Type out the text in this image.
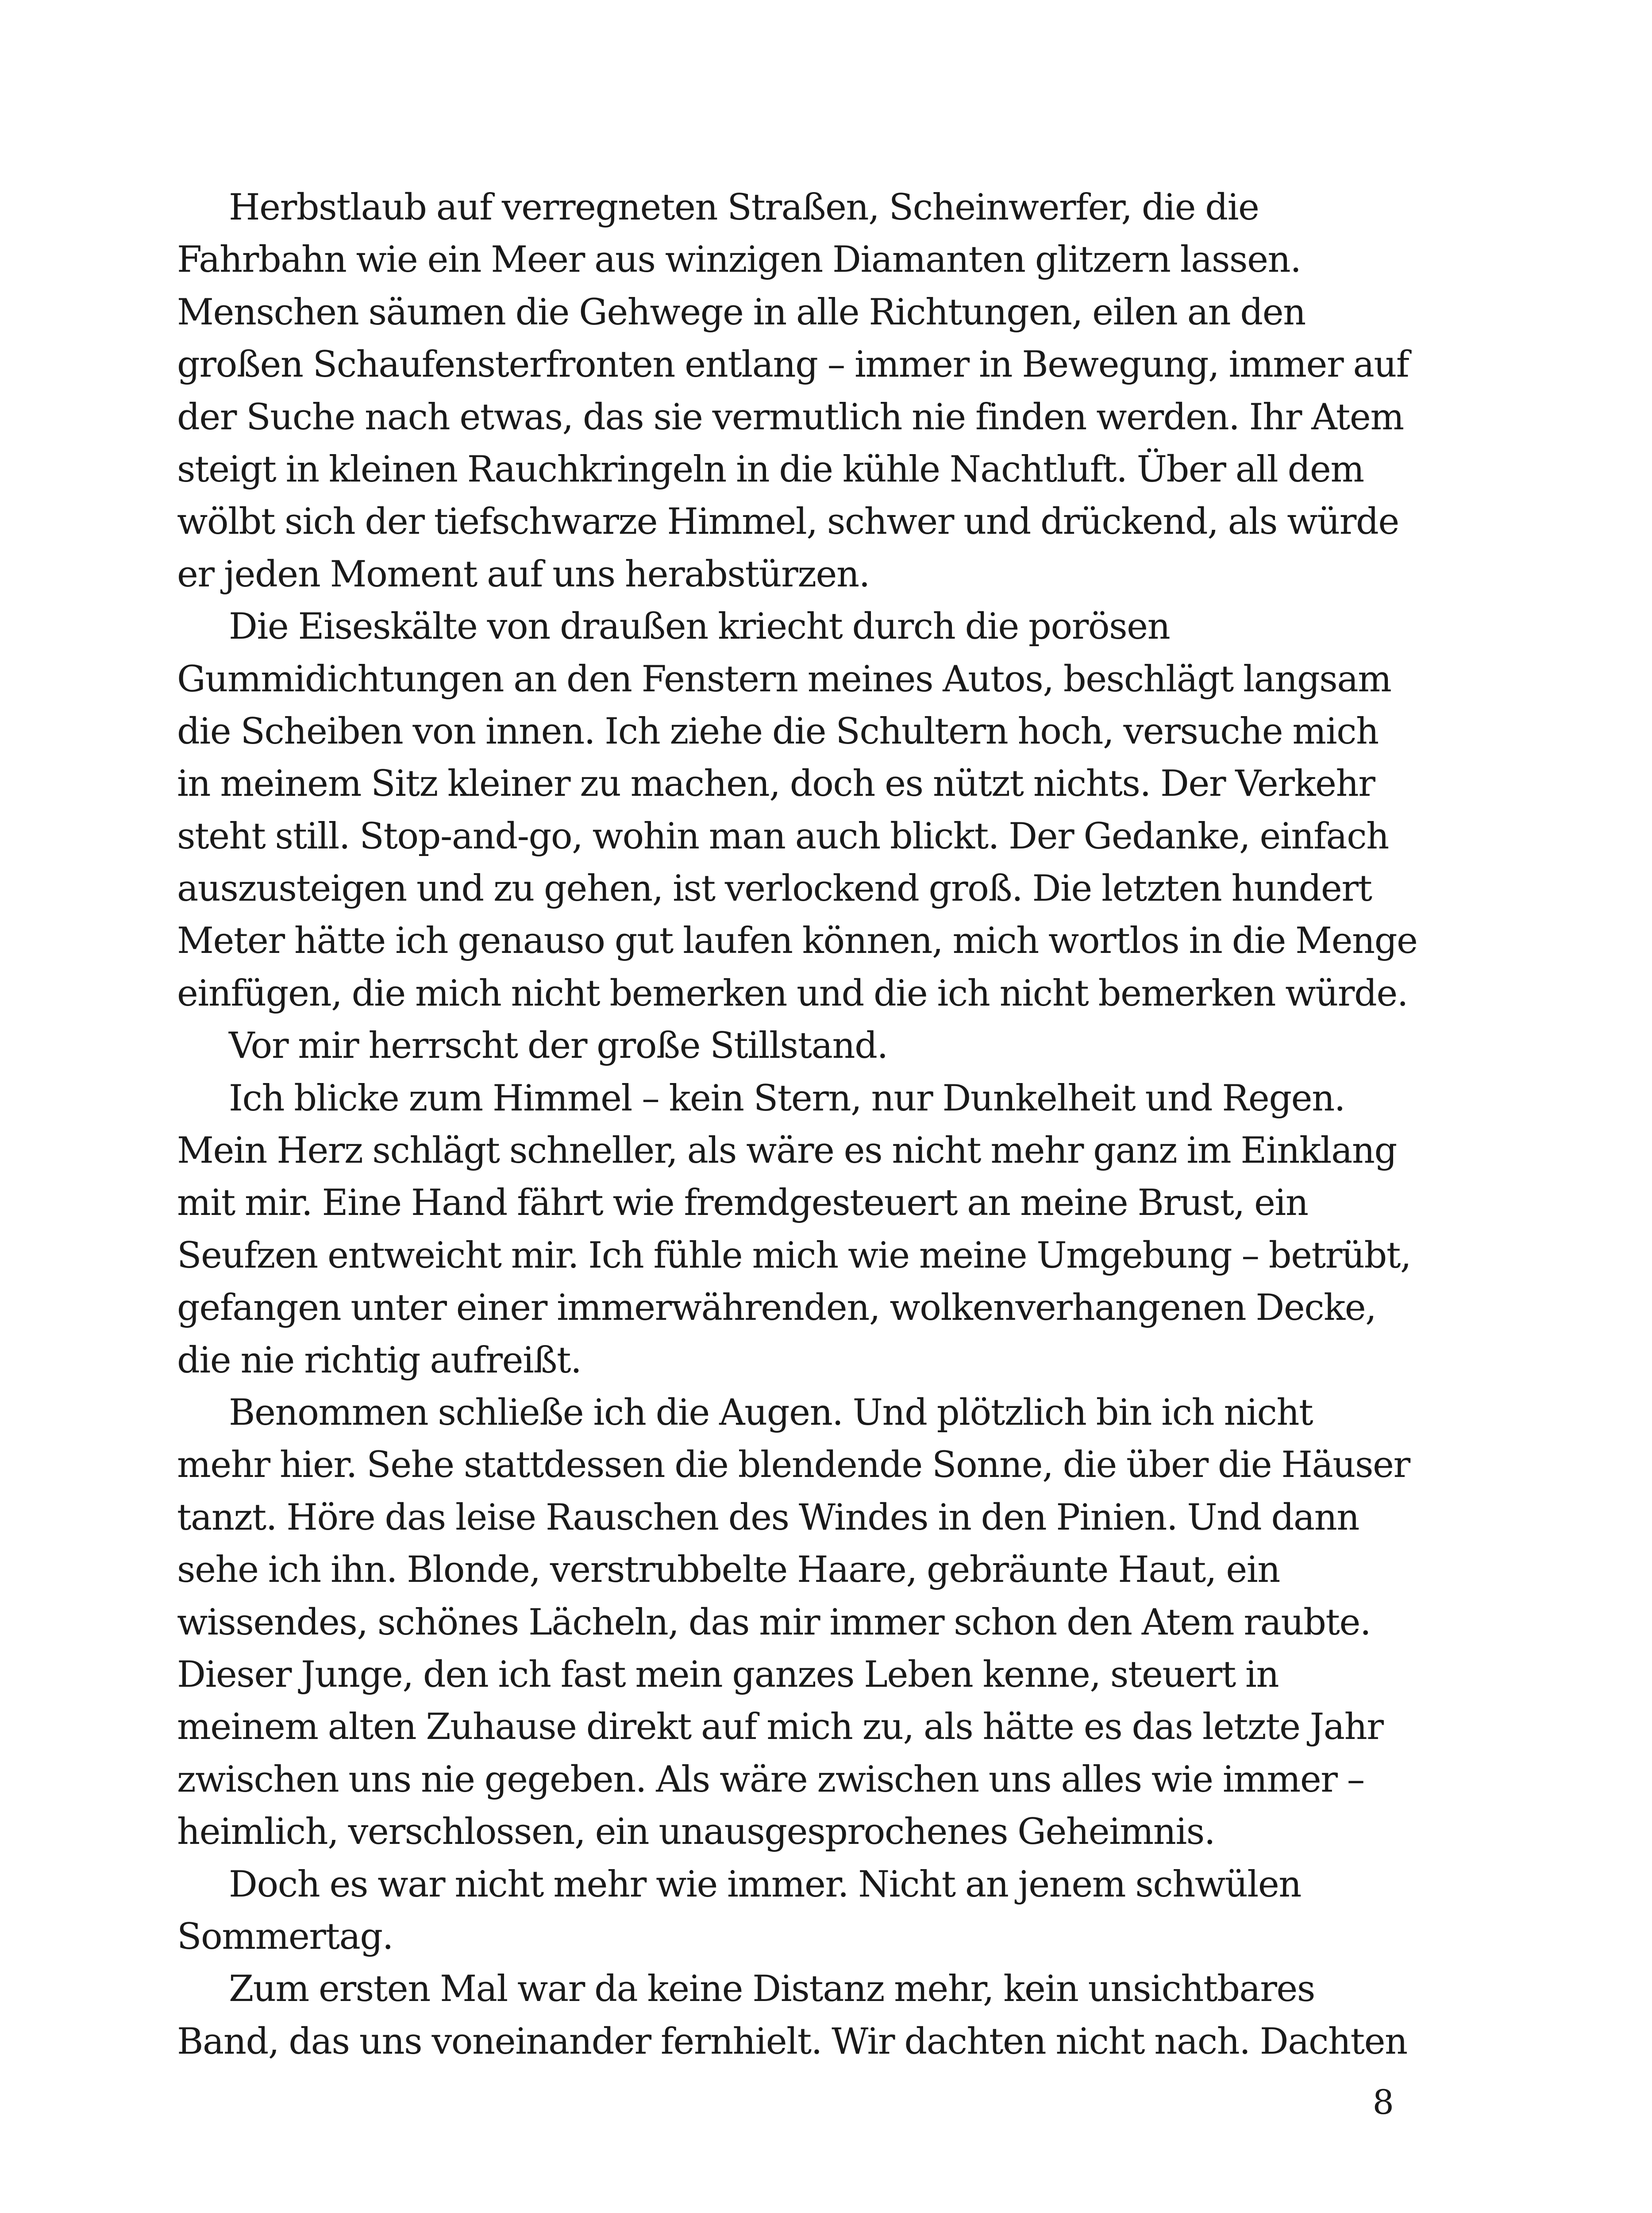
Herbstlaub auf verregneten Straßen, Scheinwerfer, die die
Fahrbahn wie ein Meer aus winzigen Diamanten glitzern lassen.
Menschen säumen die Gehwege in alle Richtungen, eilen an den
großen Schaufensterfronten entlang – immer in Bewegung, immer auf
der Suche nach etwas, das sie vermutlich nie finden werden. Ihr Atem
steigt in kleinen Rauchkringeln in die kühle Nachtluft. Über all dem
wölbt sich der tiefschwarze Himmel, schwer und drückend, als würde
er jeden Moment auf uns herabstürzen.
Die Eiseskälte von draußen kriecht durch die porösen
Gummidichtungen an den Fenstern meines Autos, beschlägt langsam
die Scheiben von innen. Ich ziehe die Schultern hoch, versuche mich
in meinem Sitz kleiner zu machen, doch es nützt nichts. Der Verkehr
steht still. Stop-and-go, wohin man auch blickt. Der Gedanke, einfach
auszusteigen und zu gehen, ist verlockend groß. Die letzten hundert
Meter hätte ich genauso gut laufen können, mich wortlos in die Menge
einfügen, die mich nicht bemerken und die ich nicht bemerken würde.
Vor mir herrscht der große Stillstand.
Ich blicke zum Himmel – kein Stern, nur Dunkelheit und Regen.
Mein Herz schlägt schneller, als wäre es nicht mehr ganz im Einklang
mit mir. Eine Hand fährt wie fremdgesteuert an meine Brust, ein
Seufzen entweicht mir. Ich fühle mich wie meine Umgebung – betrübt,
gefangen unter einer immerwährenden, wolkenverhangenen Decke,
die nie richtig aufreißt.
Benommen schließe ich die Augen. Und plötzlich bin ich nicht
mehr hier. Sehe stattdessen die blendende Sonne, die über die Häuser
tanzt. Höre das leise Rauschen des Windes in den Pinien. Und dann
sehe ich ihn. Blonde, verstrubbelte Haare, gebräunte Haut, ein
wissendes, schönes Lächeln, das mir immer schon den Atem raubte.
Dieser Junge, den ich fast mein ganzes Leben kenne, steuert in
meinem alten Zuhause direkt auf mich zu, als hätte es das letzte Jahr
zwischen uns nie gegeben. Als wäre zwischen uns alles wie immer –
heimlich, verschlossen, ein unausgesprochenes Geheimnis.
Doch es war nicht mehr wie immer. Nicht an jenem schwülen
Sommertag.
Zum ersten Mal war da keine Distanz mehr, kein unsichtbares
Band, das uns voneinander fernhielt. Wir dachten nicht nach. Dachten
8
